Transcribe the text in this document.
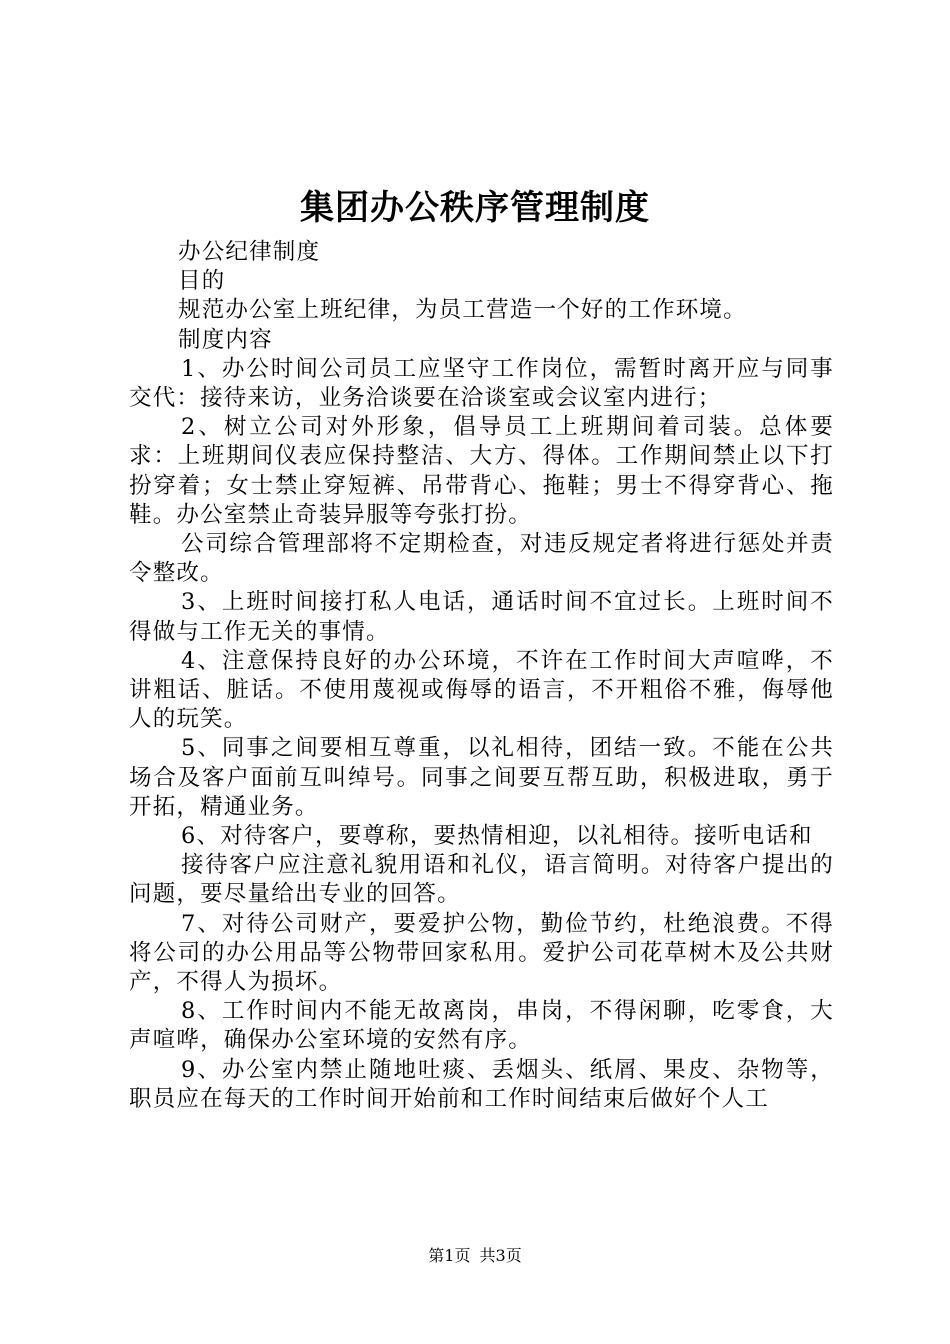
集团办公秩序管理制度

办公纪律制度

目的

规范办公室上班纪律，为员工营造一个好的工作环境。

制度内容

1、办公时间公司员工应坚守工作岗位，需暂时离开应与同事交代：接待来访，业务洽谈要在洽谈室或会议室内进行；

2、树立公司对外形象，倡导员工上班期间着司装。总体要求：上班期间仪表应保持整洁、大方、得体。工作期间禁止以下打扮穿着；女士禁止穿短裤、吊带背心、拖鞋；男士不得穿背心、拖鞋。办公室禁止奇装异服等夸张打扮。

公司综合管理部将不定期检查，对违反规定者将进行惩处并责令整改。

3、上班时间接打私人电话，通话时间不宜过长。上班时间不得做与工作无关的事情。

4、注意保持良好的办公环境，不许在工作时间大声喧哗，不讲粗话、脏话。不使用蔑视或侮辱的语言，不开粗俗不雅，侮辱他人的玩笑。

5、同事之间要相互尊重，以礼相待，团结一致。不能在公共场合及客户面前互叫绰号。同事之间要互帮互助，积极进取，勇于开拓，精通业务。

6、对待客户，要尊称，要热情相迎，以礼相待。接听电话和

接待客户应注意礼貌用语和礼仪，语言简明。对待客户提出的问题，要尽量给出专业的回答。

7、对待公司财产，要爱护公物，勤俭节约，杜绝浪费。不得将公司的办公用品等公物带回家私用。爱护公司花草树木及公共财产，不得人为损坏。

8、工作时间内不能无故离岗，串岗，不得闲聊，吃零食，大声喧哗，确保办公室环境的安然有序。

9、办公室内禁止随地吐痰、丢烟头、纸屑、果皮、杂物等，职员应在每天的工作时间开始前和工作时间结束后做好个人工

第1页 共3页
